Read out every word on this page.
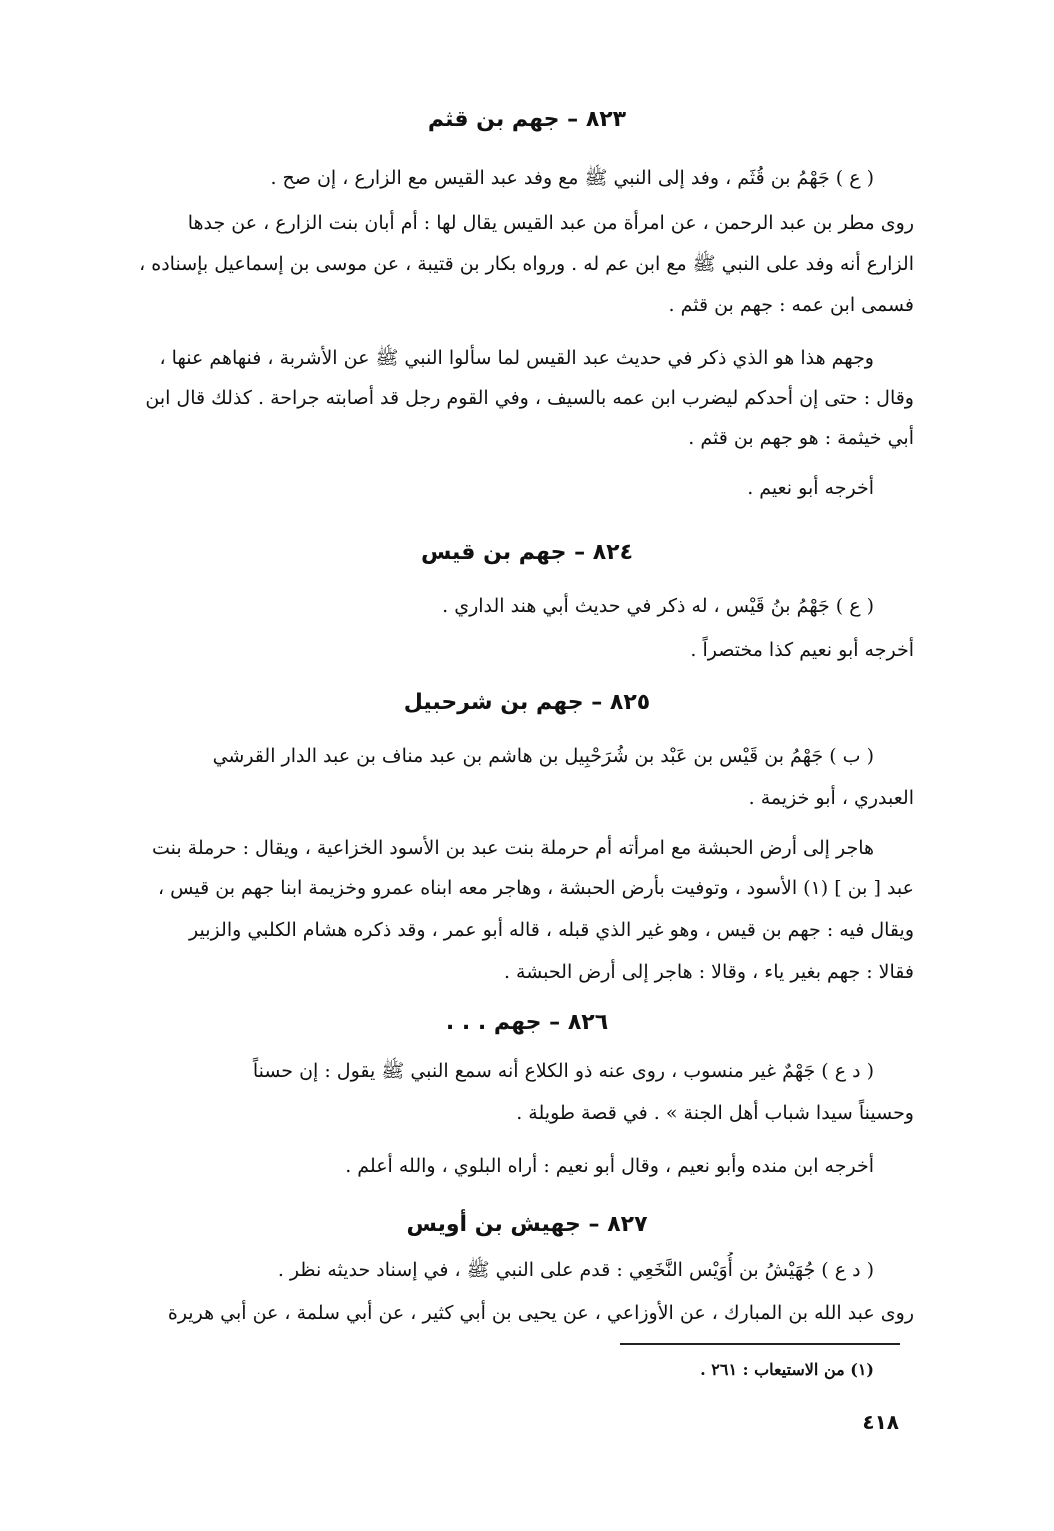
٨٢٣ – جهم بن قثم
( ع ) جَهْمُ بن قُثَم ، وفد إلى النبي ﷺ مع وفد عبد القيس مع الزارع ، إن صح .
روى مطر بن عبد الرحمن ، عن امرأة من عبد القيس يقال لها : أم أبان بنت الزارع ، عن جدها
الزارع أنه وفد على النبي ﷺ مع ابن عم له . ورواه بكار بن قتيبة ، عن موسى بن إسماعيل بإسناده ،
فسمى ابن عمه : جهم بن قثم .
وجهم هذا هو الذي ذكر في حديث عبد القيس لما سألوا النبي ﷺ عن الأشربة ، فنهاهم عنها ،
وقال : حتى إن أحدكم ليضرب ابن عمه بالسيف ، وفي القوم رجل قد أصابته جراحة . كذلك قال ابن
أبي خيثمة : هو جهم بن قثم .
أخرجه أبو نعيم .
٨٢٤ – جهم بن قيس
( ع ) جَهْمُ بنُ قَيْس ، له ذكر في حديث أبي هند الداري .
أخرجه أبو نعيم كذا مختصراً .
٨٢٥ – جهم بن شرحبيل
( ب ) جَهْمُ بن قَيْس بن عَبْد بن شُرَحْبِيل بن هاشم بن عبد مناف بن عبد الدار القرشي
العبدري ، أبو خزيمة .
هاجر إلى أرض الحبشة مع امرأته أم حرملة بنت عبد بن الأسود الخزاعية ، ويقال : حرملة بنت
عبد [ بن ] (١) الأسود ، وتوفيت بأرض الحبشة ، وهاجر معه ابناه عمرو وخزيمة ابنا جهم بن قيس ،
ويقال فيه : جهم بن قيس ، وهو غير الذي قبله ، قاله أبو عمر ، وقد ذكره هشام الكلبي والزبير
فقالا : جهم بغير ياء ، وقالا : هاجر إلى أرض الحبشة .
٨٢٦ – جهم . . .
( د ع ) جَهْمٌ غير منسوب ، روى عنه ذو الكلاع أنه سمع النبي ﷺ يقول : إن حسناً
وحسيناً سيدا شباب أهل الجنة » . في قصة طويلة .
أخرجه ابن منده وأبو نعيم ، وقال أبو نعيم : أراه البلوي ، والله أعلم .
٨٢٧ – جهيش بن أويس
( د ع ) جُهَيْشُ بن أُوَيْس النَّخَعِي : قدم على النبي ﷺ ، في إسناد حديثه نظر .
روى عبد الله بن المبارك ، عن الأوزاعي ، عن يحيى بن أبي كثير ، عن أبي سلمة ، عن أبي هريرة
(١) من الاستيعاب : ٢٦١ .
٤١٨
